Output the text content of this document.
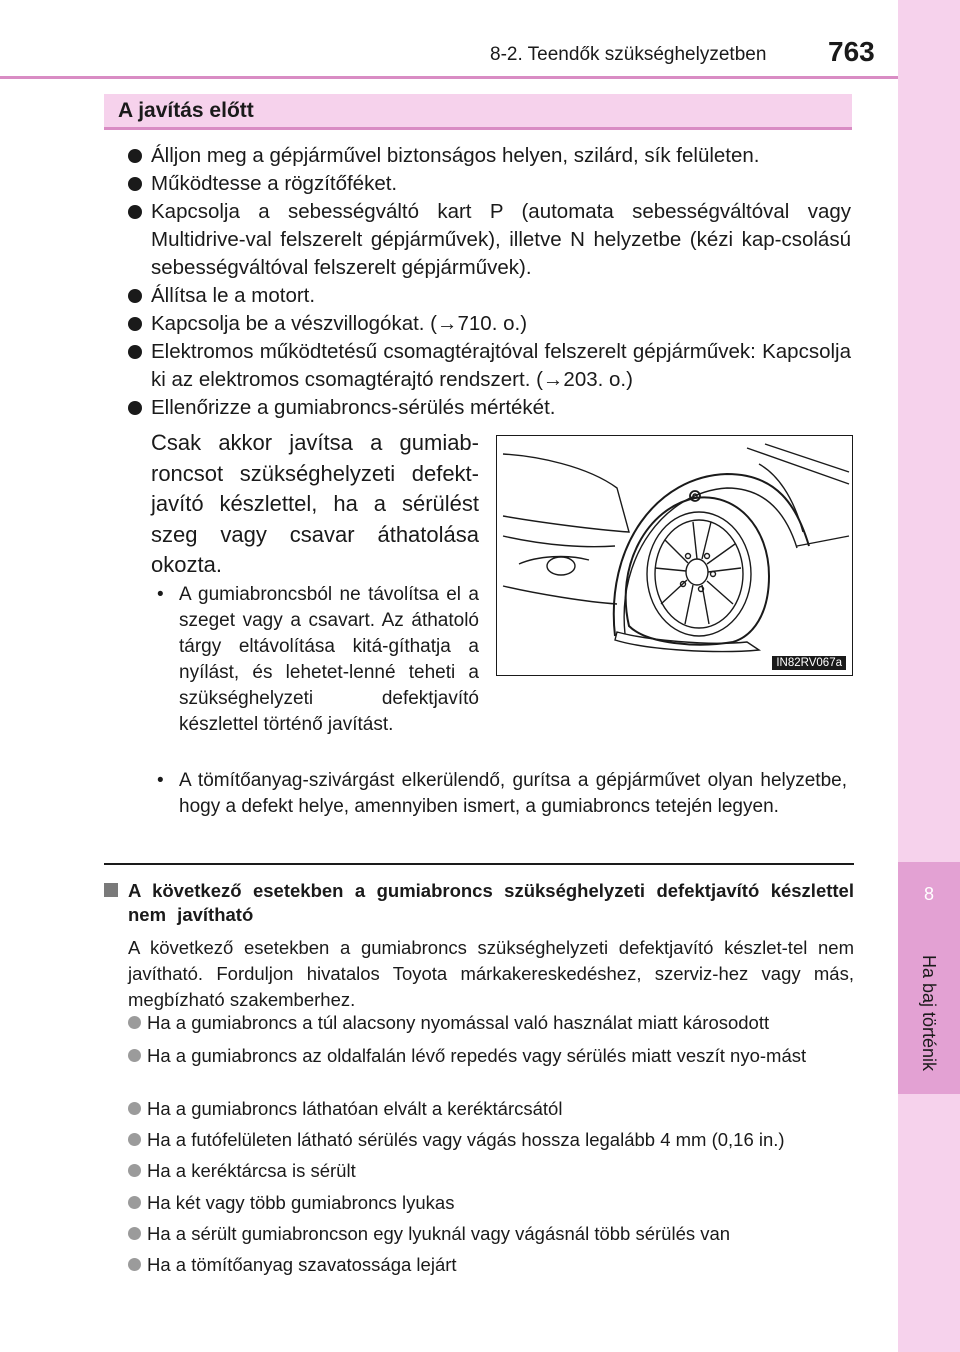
8
Ha baj történik
8-2. Teendők szükséghelyzetben 763
A javítás előtt
Álljon meg a gépjárművel biztonságos helyen, szilárd, sík felületen.
Működtesse a rögzítőféket.
Kapcsolja a sebességváltó kart P (automata sebességváltóval vagy Multidrive-val felszerelt gépjárművek), illetve N helyzetbe (kézi kap-csolású sebességváltóval felszerelt gépjárművek).
Állítsa le a motort.
Kapcsolja be a vészvillogókat. (→710. o.)
Elektromos működtetésű csomagtérajtóval felszerelt gépjárművek: Kapcsolja ki az elektromos csomagtérajtó rendszert. (→203. o.)
Ellenőrizze a gumiabroncs-sérülés mértékét.
Csak akkor javítsa a gumiab-roncsot szükséghelyzeti defekt-javító készlettel, ha a sérülést szeg vagy csavar áthatolása okozta.
• A gumiabroncsból ne távolítsa el a szeget vagy a csavart. Az áthatoló tárgy eltávolítása kitá-gíthatja a nyílást, és lehetet-lenné teheti a szükséghelyzeti defektjavító készlettel történő javítást.
• A tömítőanyag-szivárgást elkerülendő, gurítsa a gépjárművet olyan helyzetbe, hogy a defekt helye, amennyiben ismert, a gumiabroncs tetején legyen.
IN82RV067a
A következő esetekben a gumiabroncs szükséghelyzeti defektjavító készlettel nem javítható
A következő esetekben a gumiabroncs szükséghelyzeti defektjavító készlet-tel nem javítható. Forduljon hivatalos Toyota márkakereskedéshez, szerviz-hez vagy más, megbízható szakemberhez.
Ha a gumiabroncs a túl alacsony nyomással való használat miatt károsodott
Ha a gumiabroncs az oldalfalán lévő repedés vagy sérülés miatt veszít nyo-mást
Ha a gumiabroncs láthatóan elvált a keréktárcsától
Ha a futófelületen látható sérülés vagy vágás hossza legalább 4 mm (0,16 in.)
Ha a keréktárcsa is sérült
Ha két vagy több gumiabroncs lyukas
Ha a sérült gumiabroncson egy lyuknál vagy vágásnál több sérülés van
Ha a tömítőanyag szavatossága lejárt
